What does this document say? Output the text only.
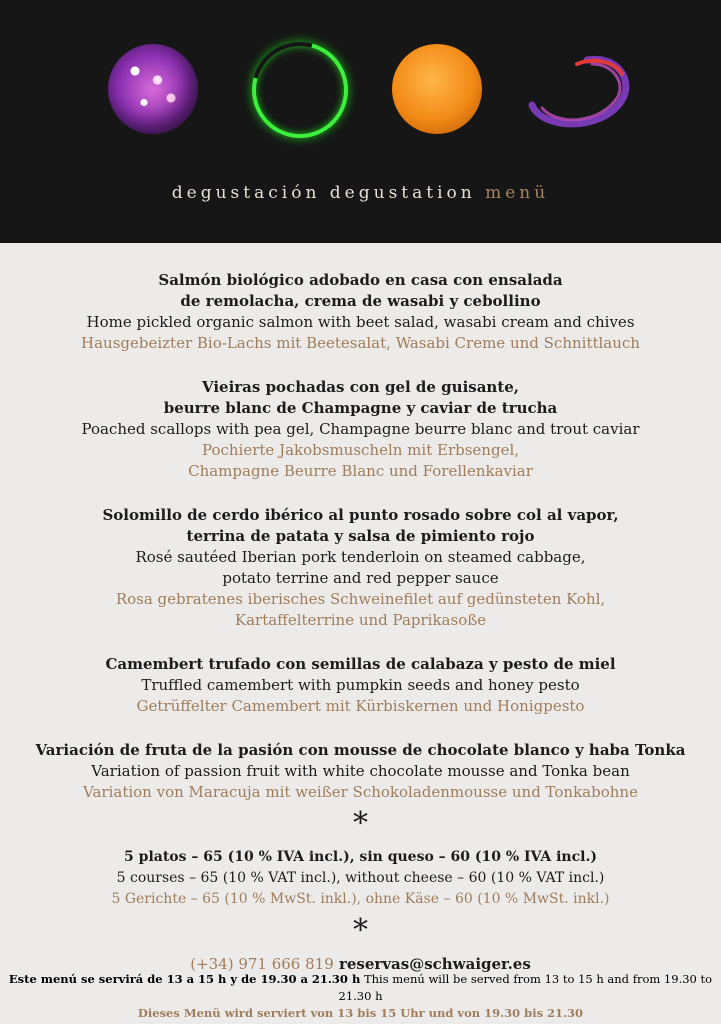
degustación degustation menü
Salmón biológico adobado en casa con ensalada
de remolacha, crema de wasabi y cebollino
Home pickled organic salmon with beet salad, wasabi cream and chives
Hausgebeizter Bio-Lachs mit Beetesalat, Wasabi Creme und Schnittlauch
Vieiras pochadas con gel de guisante,
beurre blanc de Champagne y caviar de trucha
Poached scallops with pea gel, Champagne beurre blanc and trout caviar
Pochierte Jakobsmuscheln mit Erbsengel,
Champagne Beurre Blanc und Forellenkaviar
Solomillo de cerdo ibérico al punto rosado sobre col al vapor,
terrina de patata y salsa de pimiento rojo
Rosé sautéed Iberian pork tenderloin on steamed cabbage,
potato terrine and red pepper sauce
Rosa gebratenes iberisches Schweinefilet auf gedünsteten Kohl,
Kartaffelterrine und Paprikasoße
Camembert trufado con semillas de calabaza y pesto de miel
Truffled camembert with pumpkin seeds and honey pesto
Getrüffelter Camembert mit Kürbiskernen und Honigpesto
Variación de fruta de la pasión con mousse de chocolate blanco y haba Tonka
Variation of passion fruit with white chocolate mousse and Tonka bean
Variation von Maracuja mit weißer Schokoladenmousse und Tonkabohne
*
5 platos – 65 (10 % IVA incl.), sin queso – 60 (10 % IVA incl.)
5 courses – 65 (10 % VAT incl.), without cheese – 60 (10 % VAT incl.)
5 Gerichte – 65 (10 % MwSt. inkl.), ohne Käse – 60 (10 % MwSt. inkl.)
*
(+34) 971 666 819 reservas@schwaiger.es
Este menú se servirá de 13 a 15 h y de 19.30 a 21.30 h This menú will be served from 13 to 15 h and from 19.30 to 21.30 h
Dieses Menü wird serviert von 13 bis 15 Uhr und von 19.30 bis 21.30
